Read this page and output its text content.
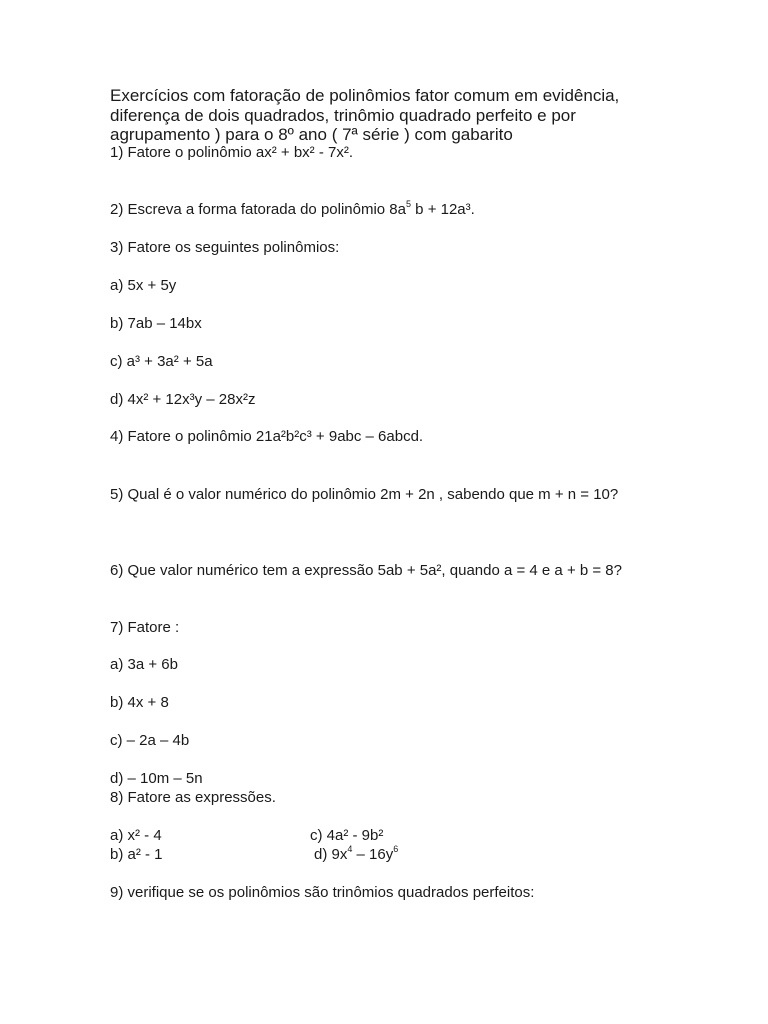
Exercícios com fatoração de polinômios fator comum em evidência,
diferença de dois quadrados, trinômio quadrado perfeito e por
agrupamento ) para o 8º ano ( 7ª série ) com gabarito
1) Fatore o polinômio ax² + bx² - 7x².
2) Escreva a forma fatorada do polinômio $8a^5$ b + 12a³.
3) Fatore os seguintes polinômios:
a) 5x + 5y
b) 7ab – 14bx
c) a³ + 3a² + 5a
d) 4x² + 12x³y – 28x²z
4) Fatore o polinômio 21a²b²c³ + 9abc – 6abcd.
5) Qual é o valor numérico do polinômio 2m + 2n , sabendo que m + n = 10?
6) Que valor numérico tem a expressão 5ab + 5a², quando a = 4 e a + b = 8?
7) Fatore :
a) 3a + 6b
b) 4x + 8
c) – 2a – 4b
d) – 10m – 5n
8) Fatore as expressões.
a) x² - 4	c) 4a² - 9b²
b) a² - 1	d) $9x^4 - 16y^6$
9) verifique se os polinômios são trinômios quadrados perfeitos:
